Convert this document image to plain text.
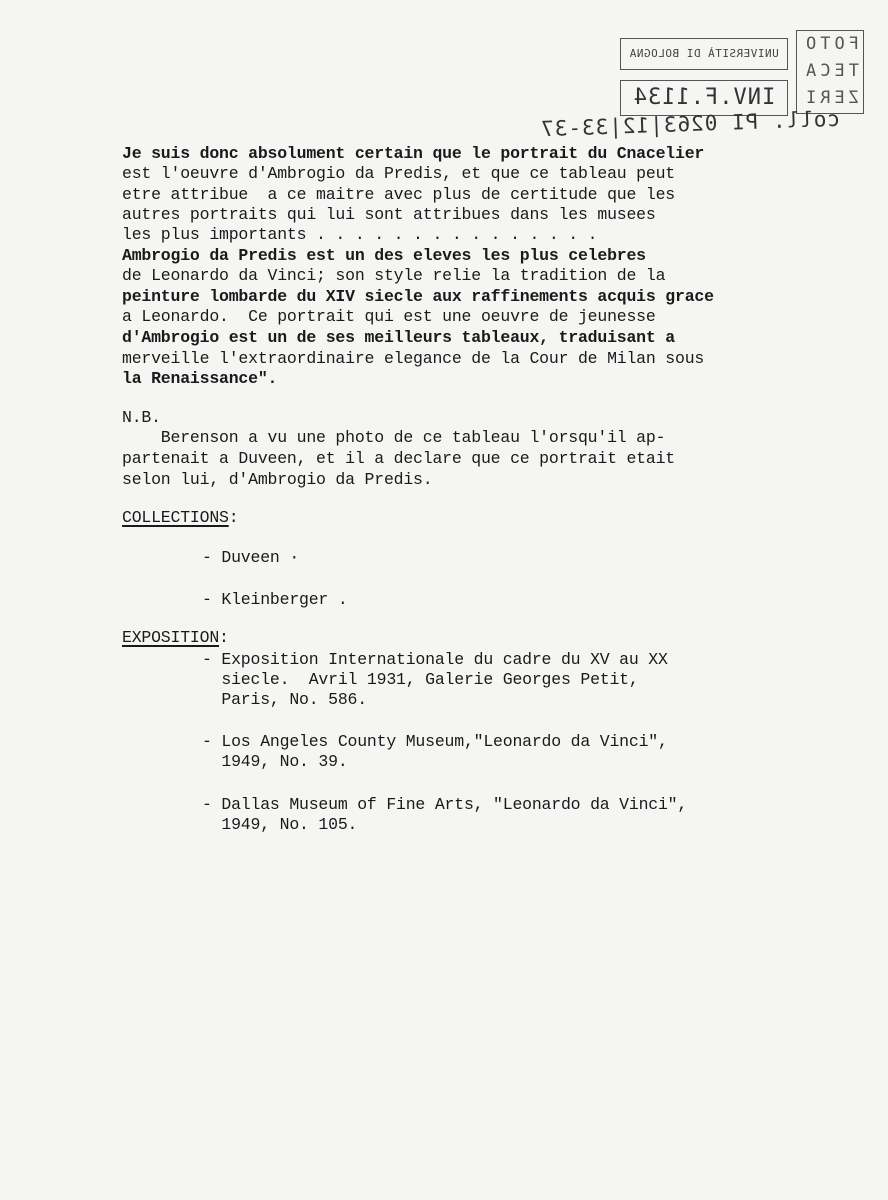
UNIVERSITÀ DI BOLOGNA
INV.F.1134
FOTO
TECA
ZERI
coll. PI 0263|12|33-37
Je suis donc absolument certain que le portrait du Cnacelier
est l'oeuvre d'Ambrogio da Predis, et que ce tableau peut
etre attribue  a ce maitre avec plus de certitude que les
autres portraits qui lui sont attribues dans les musees
les plus importants . . . . . . . . . . . . . . .
Ambrogio da Predis est un des eleves les plus celebres
de Leonardo da Vinci; son style relie la tradition de la
peinture lombarde du XIV siecle aux raffinements acquis grace
a Leonardo.  Ce portrait qui est une oeuvre de jeunesse
d'Ambrogio est un de ses meilleurs tableaux, traduisant a
merveille l'extraordinaire elegance de la Cour de Milan sous
la Renaissance".
N.B.
Berenson a vu une photo de ce tableau l'orsqu'il ap-
partenait a Duveen, et il a declare que ce portrait etait
selon lui, d'Ambrogio da Predis.
COLLECTIONS:
- Duveen ·
- Kleinberger .
EXPOSITION:
- Exposition Internationale du cadre du XV au XX
siecle.  Avril 1931, Galerie Georges Petit,
Paris, No. 586.
- Los Angeles County Museum,"Leonardo da Vinci",
1949, No. 39.
- Dallas Museum of Fine Arts, "Leonardo da Vinci",
1949, No. 105.
